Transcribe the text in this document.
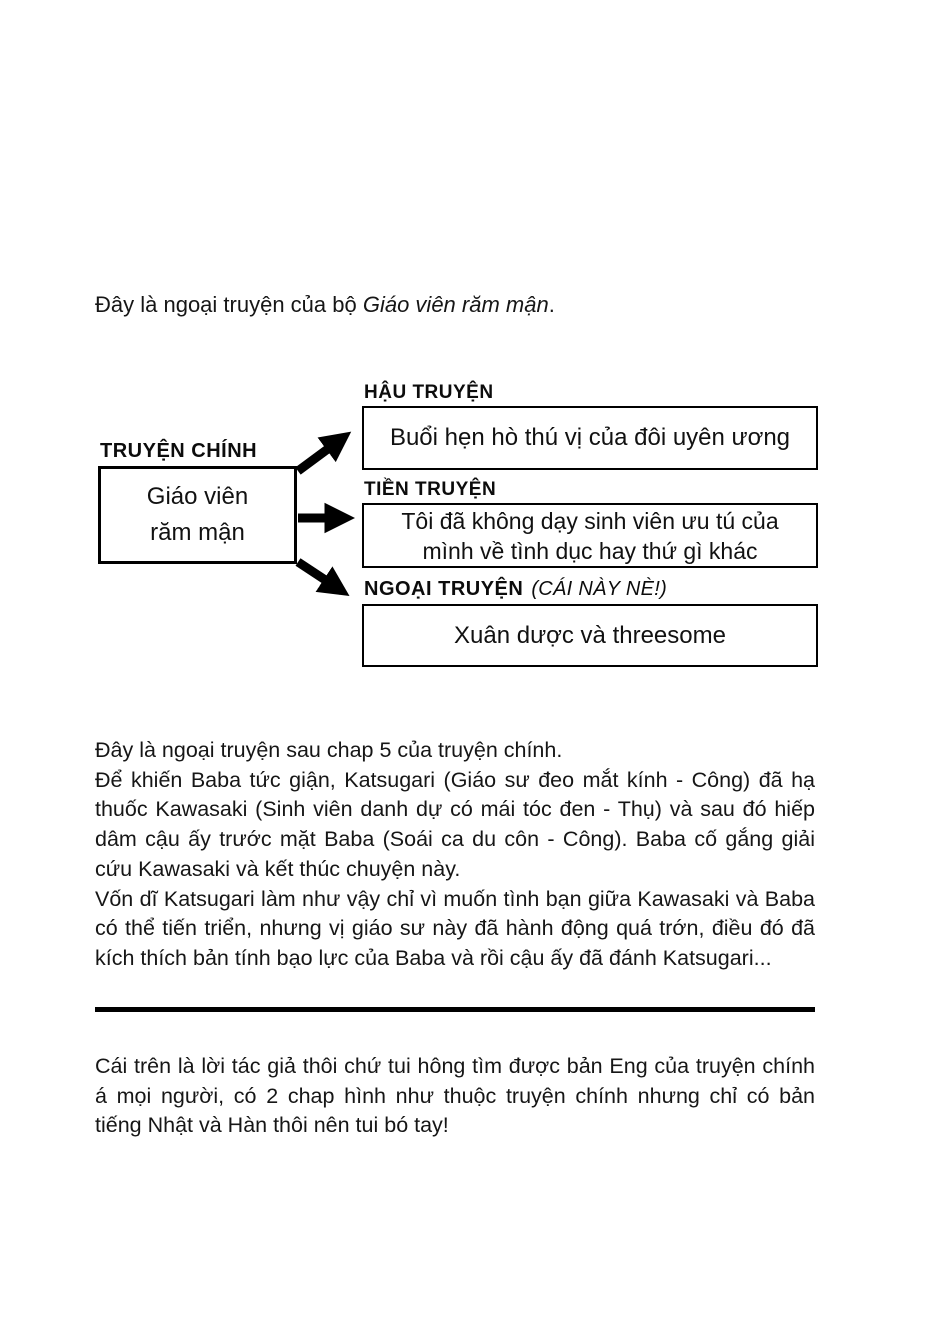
Đây là ngoại truyện của bộ Giáo viên răm mận.

TRUYỆN CHÍNH
Giáo viên
răm mận
HẬU TRUYỆN
Buổi hẹn hò thú vị của đôi uyên ương
TIỀN TRUYỆN
Tôi đã không dạy sinh viên ưu tú của
mình về tình dục hay thứ gì khác
NGOẠI TRUYỆN (CÁI NÀY NÈ!)
Xuân dược và threesome

Đây là ngoại truyện sau chap 5 của truyện chính.

Để khiến Baba tức giận, Katsugari (Giáo sư đeo mắt kính - Công) đã hạ thuốc Kawasaki (Sinh viên danh dự có mái tóc đen - Thụ) và sau đó hiếp dâm cậu ấy trước mặt Baba (Soái ca du côn - Công). Baba cố gắng giải cứu Kawasaki và kết thúc chuyện này.

Vốn dĩ Katsugari làm như vậy chỉ vì muốn tình bạn giữa Kawasaki và Baba có thể tiến triển, nhưng vị giáo sư này đã hành động quá trớn, điều đó đã kích thích bản tính bạo lực của Baba và rồi cậu ấy đã đánh Katsugari...

Cái trên là lời tác giả thôi chứ tui hông tìm được bản Eng của truyện chính á mọi người, có 2 chap hình như thuộc truyện chính nhưng chỉ có bản tiếng Nhật và Hàn thôi nên tui bó tay!
